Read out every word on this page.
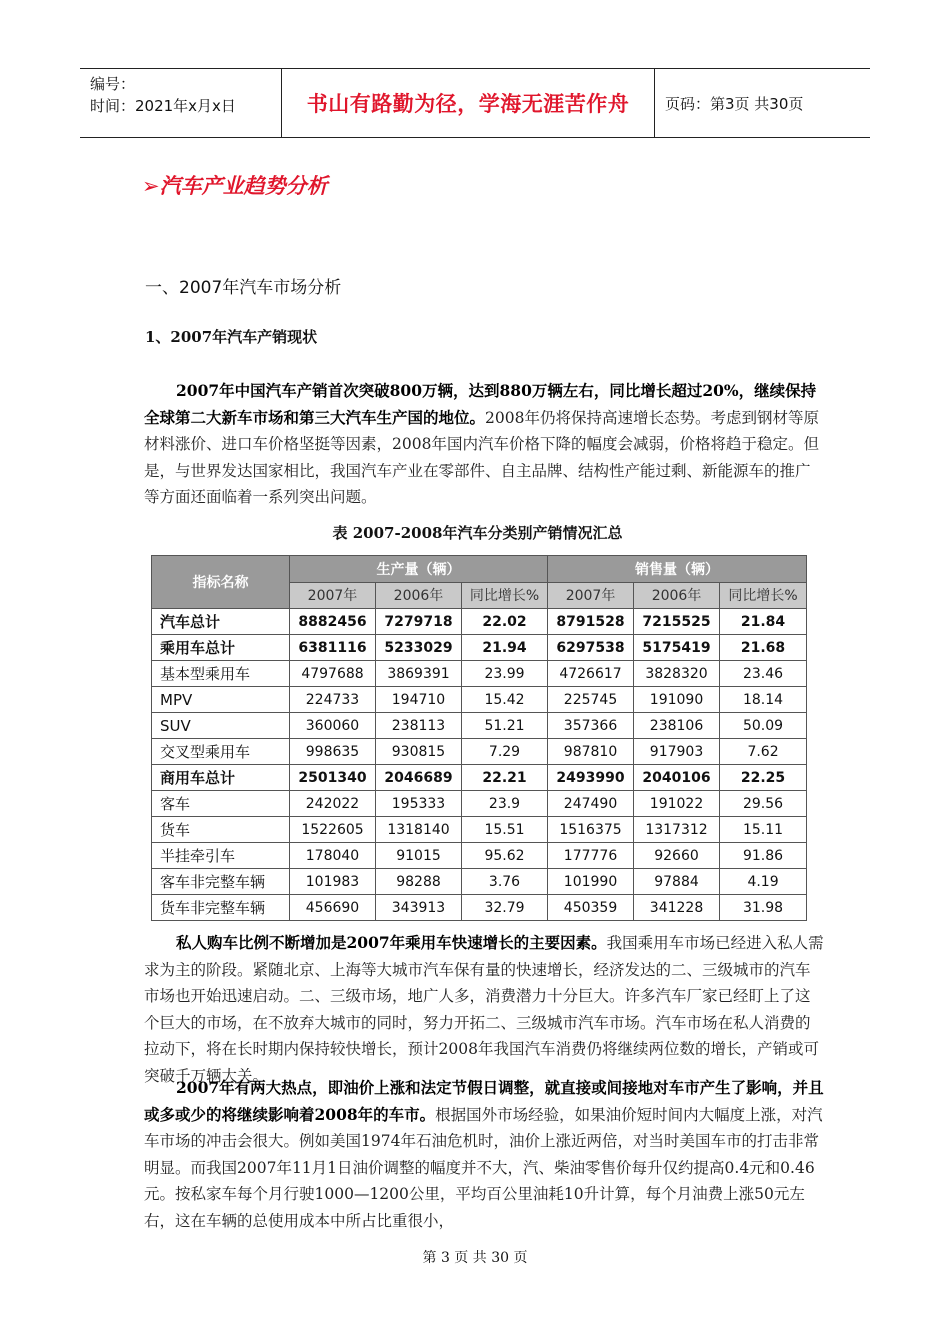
编号：
时间：2021年x月x日	书山有路勤为径，学海无涯苦作舟	页码：第3页 共30页
➢汽车产业趋势分析
一、2007年汽车市场分析
1、2007年汽车产销现状

2007年中国汽车产销首次突破800万辆，达到880万辆左右，同比增长超过20%，继续保持全球第二大新车市场和第三大汽车生产国的地位。2008年仍将保持高速增长态势。考虑到钢材等原材料涨价、进口车价格坚挺等因素，2008年国内汽车价格下降的幅度会减弱，价格将趋于稳定。但是，与世界发达国家相比，我国汽车产业在零部件、自主品牌、结构性产能过剩、新能源车的推广等方面还面临着一系列突出问题。

表 2007-2008年汽车分类别产销情况汇总
指标名称	生产量（辆）			销售量（辆）		
	2007年	2006年	同比增长%	2007年	2006年	同比增长%
汽车总计	8882456	7279718	22.02	8791528	7215525	21.84
乘用车总计	6381116	5233029	21.94	6297538	5175419	21.68
基本型乘用车	4797688	3869391	23.99	4726617	3828320	23.46
MPV	224733	194710	15.42	225745	191090	18.14
SUV	360060	238113	51.21	357366	238106	50.09
交叉型乘用车	998635	930815	7.29	987810	917903	7.62
商用车总计	2501340	2046689	22.21	2493990	2040106	22.25
客车	242022	195333	23.9	247490	191022	29.56
货车	1522605	1318140	15.51	1516375	1317312	15.11
半挂牵引车	178040	91015	95.62	177776	92660	91.86
客车非完整车辆	101983	98288	3.76	101990	97884	4.19
货车非完整车辆	456690	343913	32.79	450359	341228	31.98

私人购车比例不断增加是2007年乘用车快速增长的主要因素。我国乘用车市场已经进入私人需求为主的阶段。紧随北京、上海等大城市汽车保有量的快速增长，经济发达的二、三级城市的汽车市场也开始迅速启动。二、三级市场，地广人多，消费潜力十分巨大。许多汽车厂家已经盯上了这个巨大的市场，在不放弃大城市的同时，努力开拓二、三级城市汽车市场。汽车市场在私人消费的拉动下，将在长时期内保持较快增长，预计2008年我国汽车消费仍将继续两位数的增长，产销或可突破千万辆大关。

2007年有两大热点，即油价上涨和法定节假日调整，就直接或间接地对车市产生了影响，并且或多或少的将继续影响着2008年的车市。根据国外市场经验，如果油价短时间内大幅度上涨，对汽车市场的冲击会很大。例如美国1974年石油危机时，油价上涨近两倍，对当时美国车市的打击非常明显。而我国2007年11月1日油价调整的幅度并不大，汽、柴油零售价每升仅约提高0.4元和0.46元。按私家车每个月行驶1000—1200公里，平均百公里油耗10升计算，每个月油费上涨50元左右，这在车辆的总使用成本中所占比重很小，

第 3 页 共 30 页
